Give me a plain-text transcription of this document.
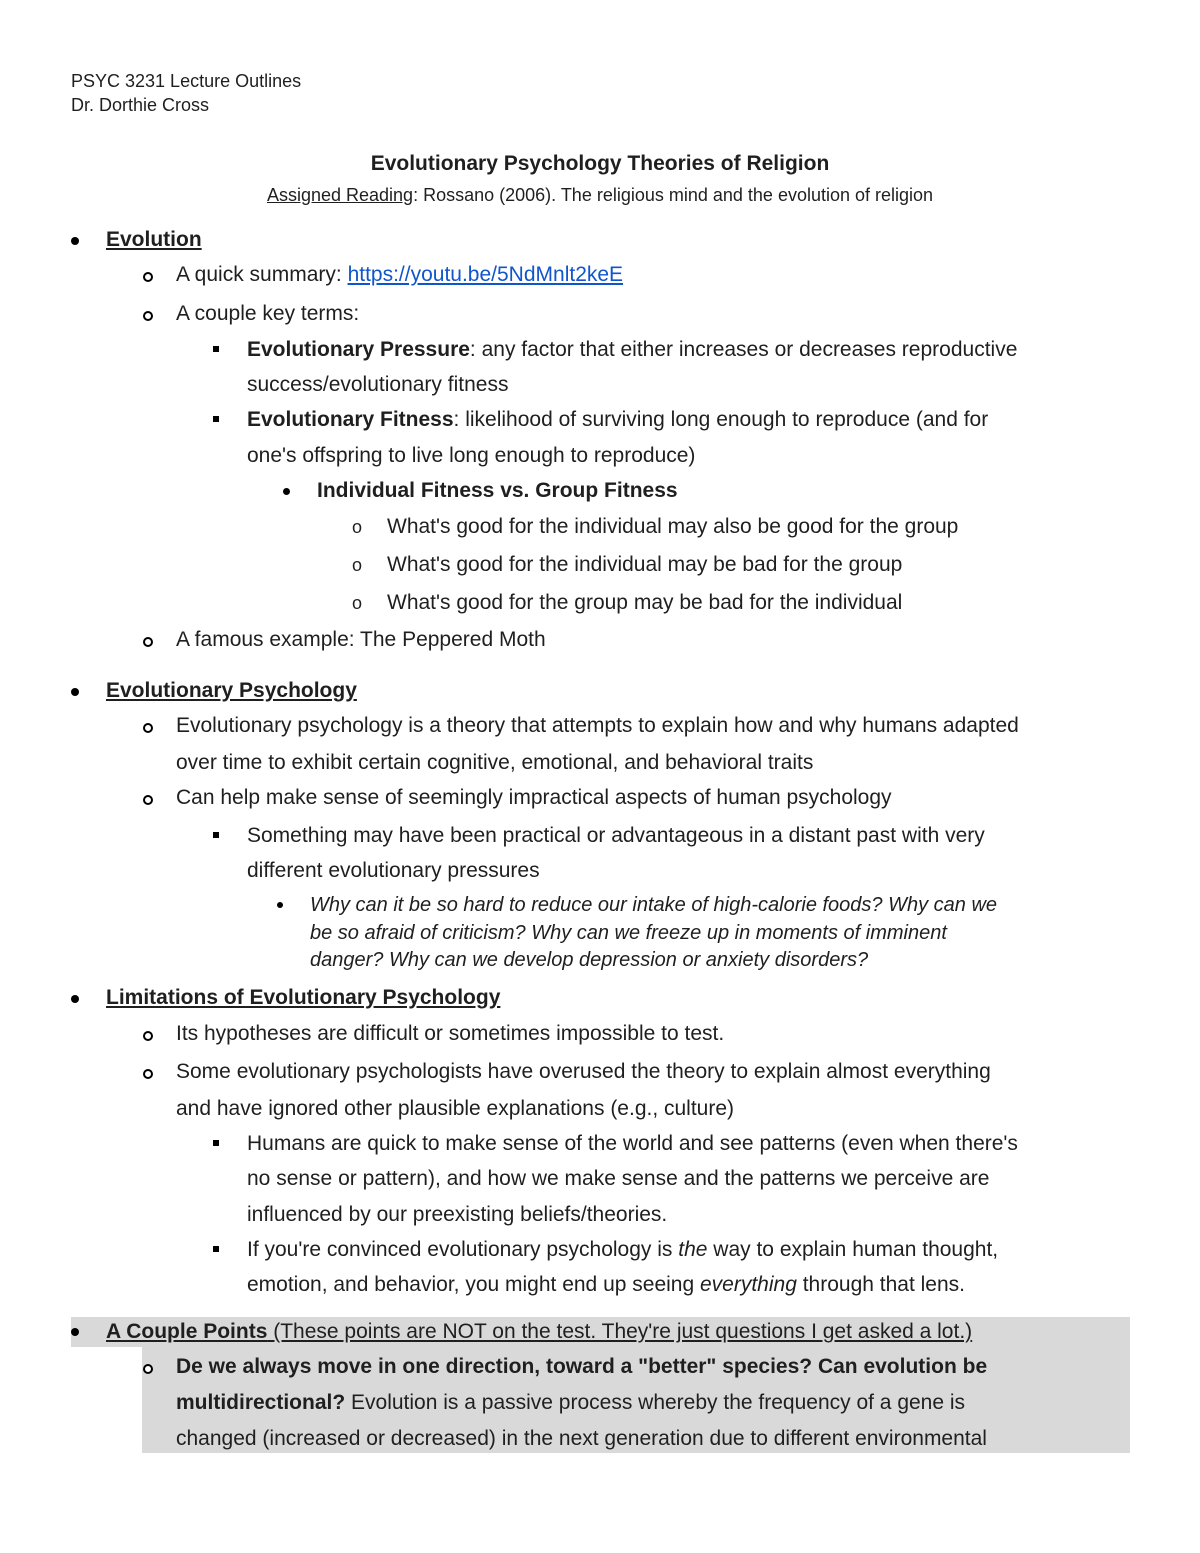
PSYC 3231 Lecture Outlines
Dr. Dorthie Cross
Evolutionary Psychology Theories of Religion
Assigned Reading: Rossano (2006). The religious mind and the evolution of religion
Evolution
A quick summary: https://youtu.be/5NdMnlt2keE
A couple key terms:
Evolutionary Pressure: any factor that either increases or decreases reproductive
success/evolutionary fitness
Evolutionary Fitness: likelihood of surviving long enough to reproduce (and for
one's offspring to live long enough to reproduce)
Individual Fitness vs. Group Fitness
o What's good for the individual may also be good for the group
o What's good for the individual may be bad for the group
o What's good for the group may be bad for the individual
A famous example: The Peppered Moth
Evolutionary Psychology
Evolutionary psychology is a theory that attempts to explain how and why humans adapted
over time to exhibit certain cognitive, emotional, and behavioral traits
Can help make sense of seemingly impractical aspects of human psychology
Something may have been practical or advantageous in a distant past with very
different evolutionary pressures
Why can it be so hard to reduce our intake of high-calorie foods? Why can we
be so afraid of criticism? Why can we freeze up in moments of imminent
danger? Why can we develop depression or anxiety disorders?
Limitations of Evolutionary Psychology
Its hypotheses are difficult or sometimes impossible to test.
Some evolutionary psychologists have overused the theory to explain almost everything
and have ignored other plausible explanations (e.g., culture)
Humans are quick to make sense of the world and see patterns (even when there's
no sense or pattern), and how we make sense and the patterns we perceive are
influenced by our preexisting beliefs/theories.
If you're convinced evolutionary psychology is the way to explain human thought,
emotion, and behavior, you might end up seeing everything through that lens.
A Couple Points (These points are NOT on the test. They're just questions I get asked a lot.)
De we always move in one direction, toward a "better" species? Can evolution be
multidirectional? Evolution is a passive process whereby the frequency of a gene is
changed (increased or decreased) in the next generation due to different environmental
